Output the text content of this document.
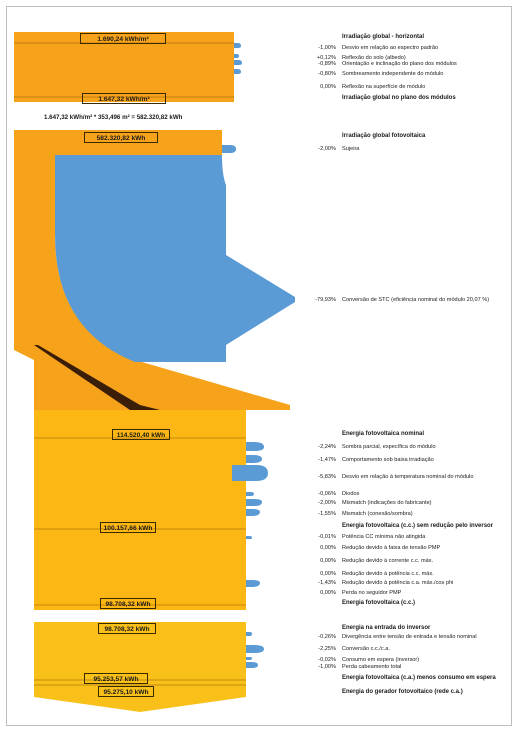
1.690,24 kWh/m²
1.647,32 kWh/m²
1.647,32 kWh/m² * 353,496 m² = 582.320,82 kWh
582.320,82 kWh
114.520,40 kWh
100.157,66 kWh
98.708,32 kWh
98.708,32 kWh
95.253,57 kWh
95.275,10 kWh
Irradiação global - horizontal
-1,00% Desvio em relação ao espectro padrão
+0,12% Reflexão do solo (albedo)
-0,89% Orientação e inclinação do plano dos módulos
-0,80% Sombreamento independente do módulo
0,00% Reflexão na superfície de módulo
Irradiação global no plano dos módulos
Irradiação global fotovoltaica
-2,00% Sujeira
-79,93% Conversão de STC (eficiência nominal do módulo 20,07 %)
Energia fotovoltaica nominal
-2,24% Sombra parcial, específica do módulo
-1,47% Comportamento sob baixa irradiação
-5,83% Desvio em relação à temperatura nominal do módulo
-0,06% Diodos
-2,00% Mismatch (indicações do fabricante)
-1,55% Mismatch (conexão/sombra)
Energia fotovoltaica (c.c.) sem redução pelo inversor
-0,01% Potência CC mínima não atingida
0,00% Redução devido à faixa de tensão PMP
0,00% Redução devido à corrente c.c. máx.
0,00% Redução devido à potência c.c. máx.
-1,43% Redução devido à potência c.a. máx./cos phi
0,00% Perda no seguidor PMP
Energia fotovoltaica (c.c.)
Energia na entrada do inversor
-0,26% Divergência entre tensão de entrada e tensão nominal
-2,25% Conversão c.c./c.a.
-0,02% Consumo em espera (inversor)
-1,00% Perda cabeamento total
Energia fotovoltaica (c.a.) menos consumo em espera
Energia do gerador fotovoltaico (rede c.a.)
